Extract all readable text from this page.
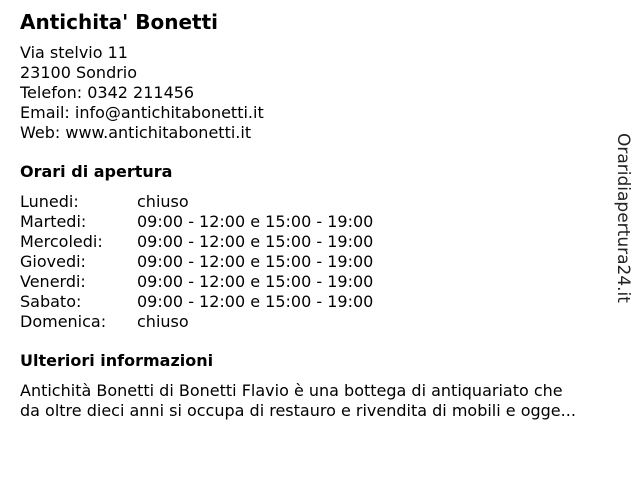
Antichita' Bonetti
Via stelvio 11
23100 Sondrio
Telefon: 0342 211456
Email: info@antichitabonetti.it
Web: www.antichitabonetti.it
Orari di apertura
Lunedi:	chiuso
Martedi:	09:00 - 12:00 e 15:00 - 19:00
Mercoledi: 09:00 - 12:00 e 15:00 - 19:00
Giovedi:	09:00 - 12:00 e 15:00 - 19:00
Venerdi:	09:00 - 12:00 e 15:00 - 19:00
Sabato:	09:00 - 12:00 e 15:00 - 19:00
Domenica: chiuso
Ulteriori informazioni
Antichità Bonetti di Bonetti Flavio è una bottega di antiquariato che
da oltre dieci anni si occupa di restauro e rivendita di mobili e ogge...
Oraridiapertura24.it
